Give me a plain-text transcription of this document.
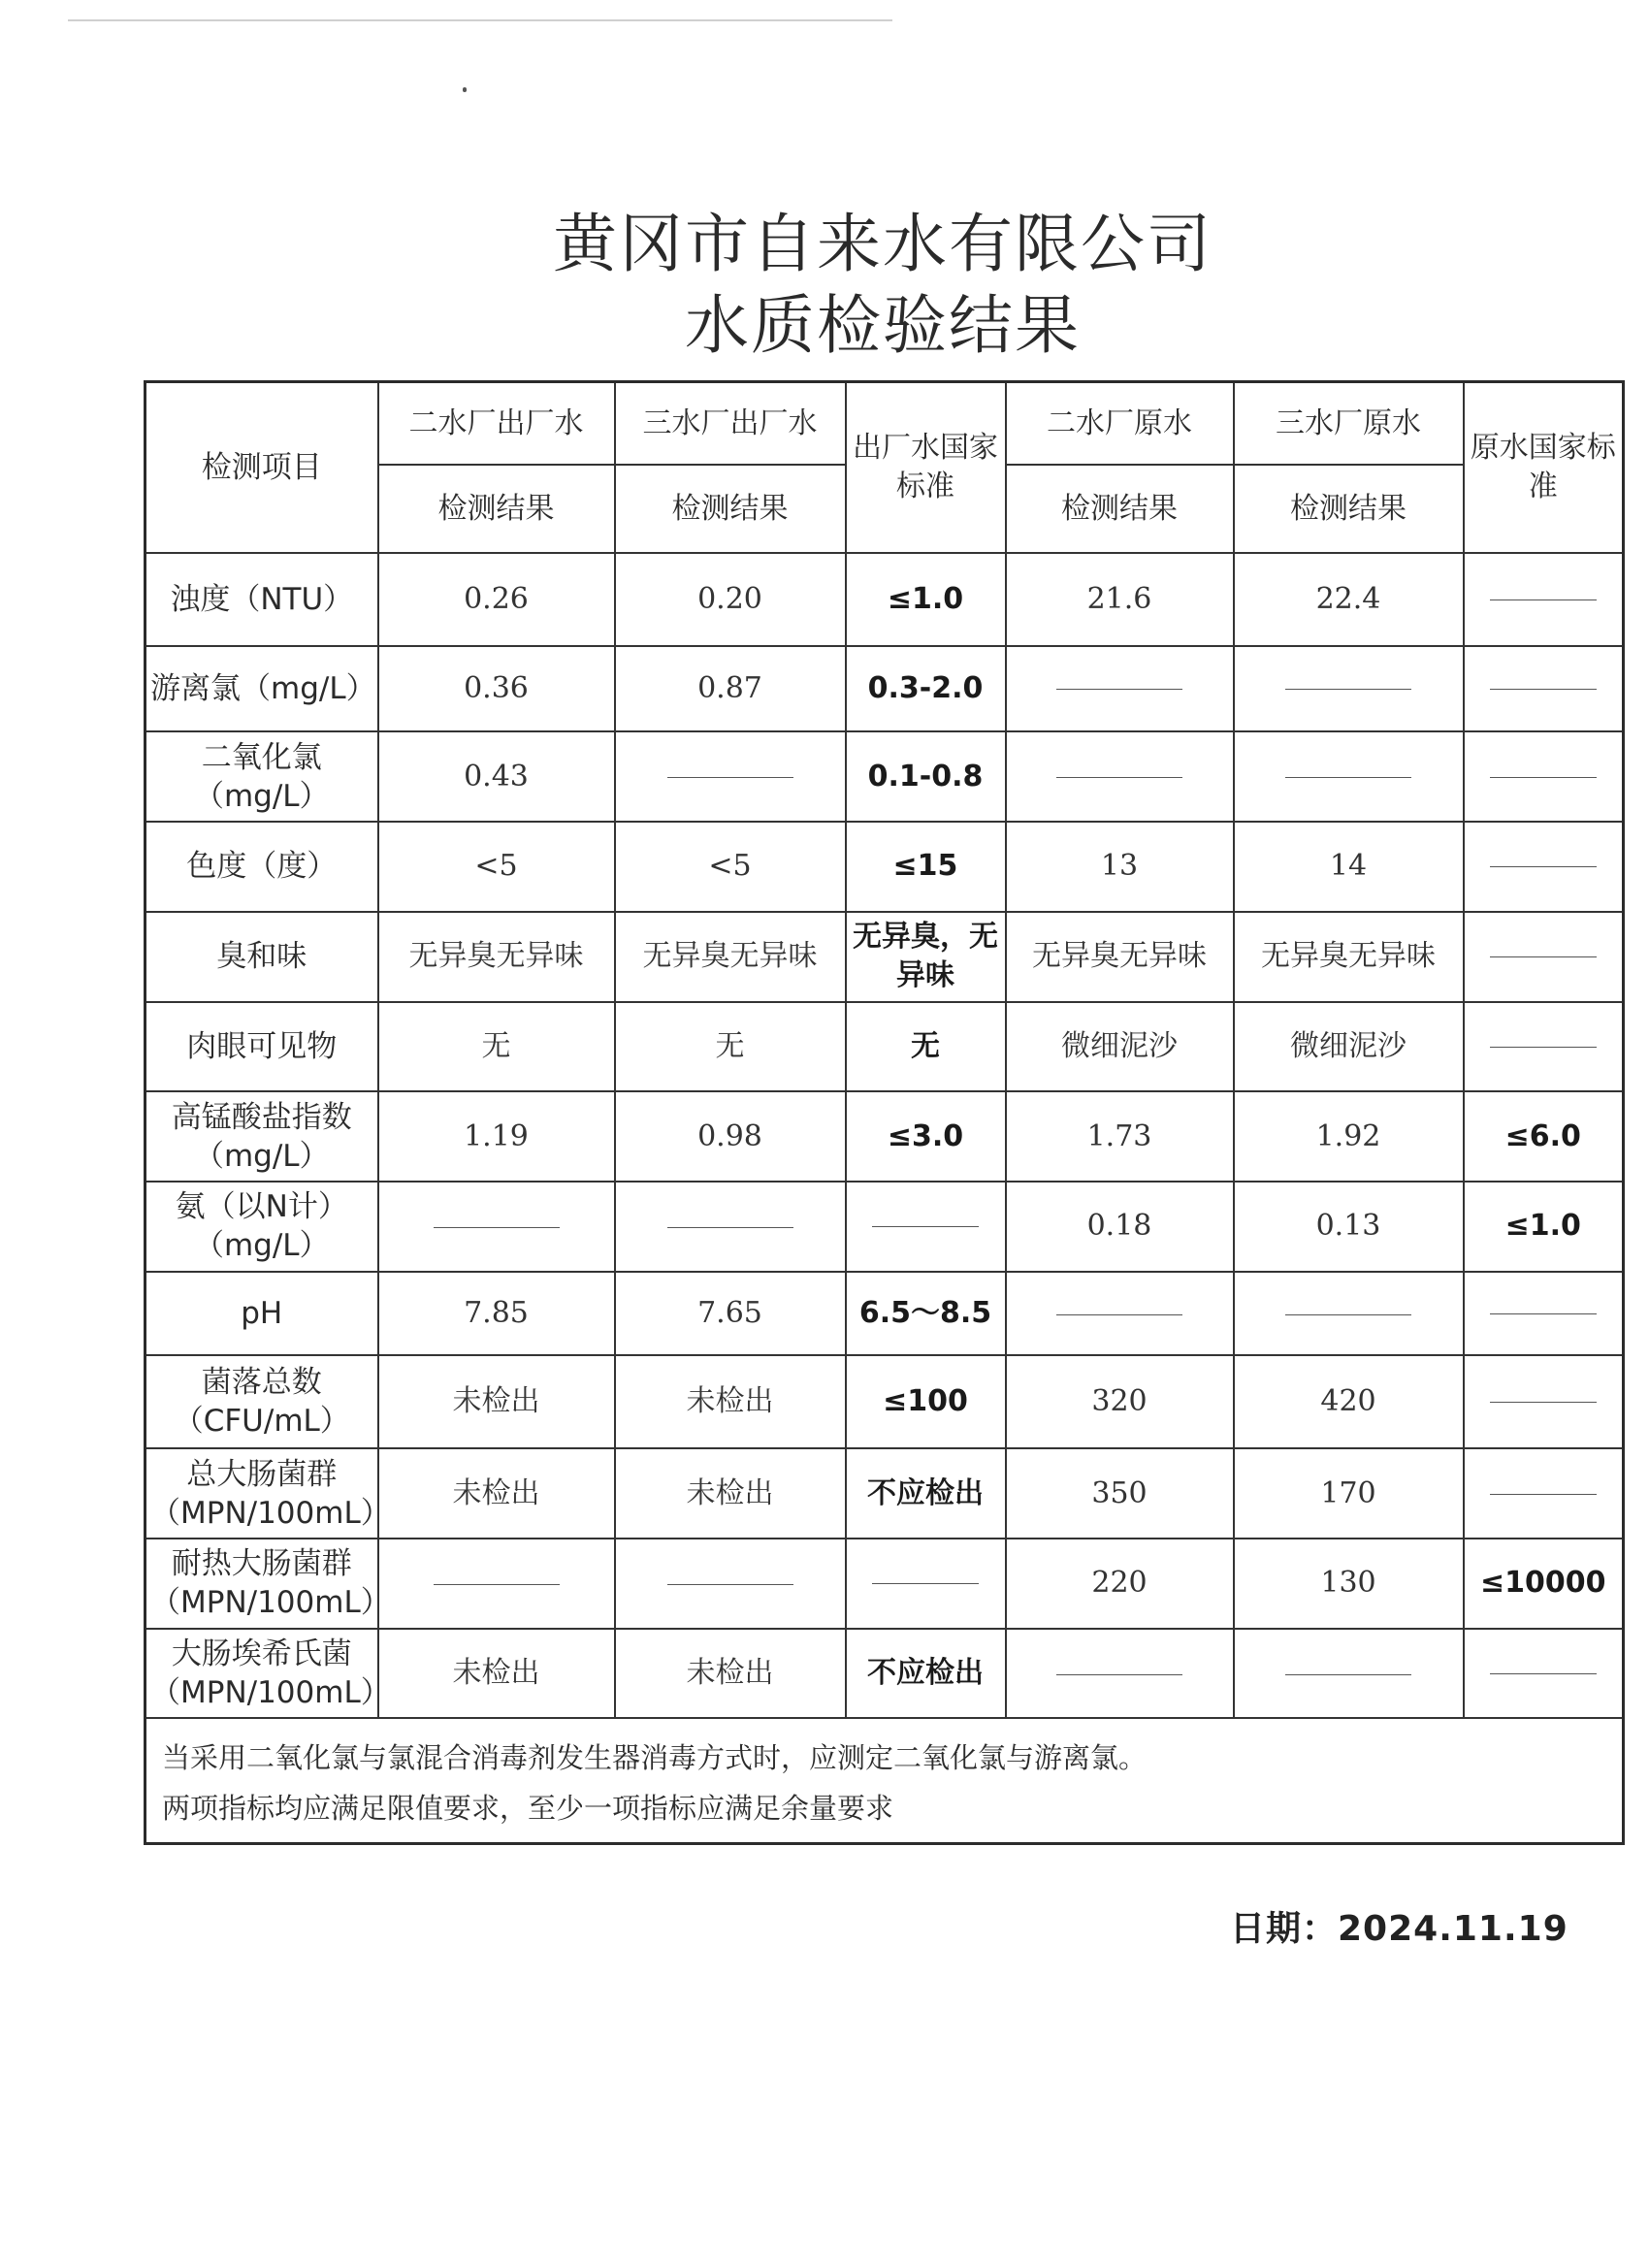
黄冈市自来水有限公司
水质检验结果
检测项目	二水厂出厂水	三水厂出厂水	出厂水国家标准	二水厂原水	三水厂原水	原水国家标准
	检测结果	检测结果		检测结果	检测结果	
浊度（NTU）	0.26	0.20	≤1.0	21.6	22.4	
游离氯（mg/L）	0.36	0.87	0.3-2.0			
二氧化氯（mg/L）	0.43		0.1-0.8			
色度（度）	<5	<5	≤15	13	14	
臭和味	无异臭无异味	无异臭无异味	无异臭，无异味	无异臭无异味	无异臭无异味	
肉眼可见物	无	无	无	微细泥沙	微细泥沙	
高锰酸盐指数（mg/L）	1.19	0.98	≤3.0	1.73	1.92	≤6.0
氨（以N计）（mg/L）				0.18	0.13	≤1.0
pH	7.85	7.65	6.5～8.5			
菌落总数（CFU/mL）	未检出	未检出	≤100	320	420	
总大肠菌群（MPN/100mL）	未检出	未检出	不应检出	350	170	
耐热大肠菌群（MPN/100mL）				220	130	≤10000
大肠埃希氏菌（MPN/100mL）	未检出	未检出	不应检出			

当采用二氧化氯与氯混合消毒剂发生器消毒方式时，应测定二氧化氯与游离氯。
两项指标均应满足限值要求，至少一项指标应满足余量要求						
日期：2024.11.19
